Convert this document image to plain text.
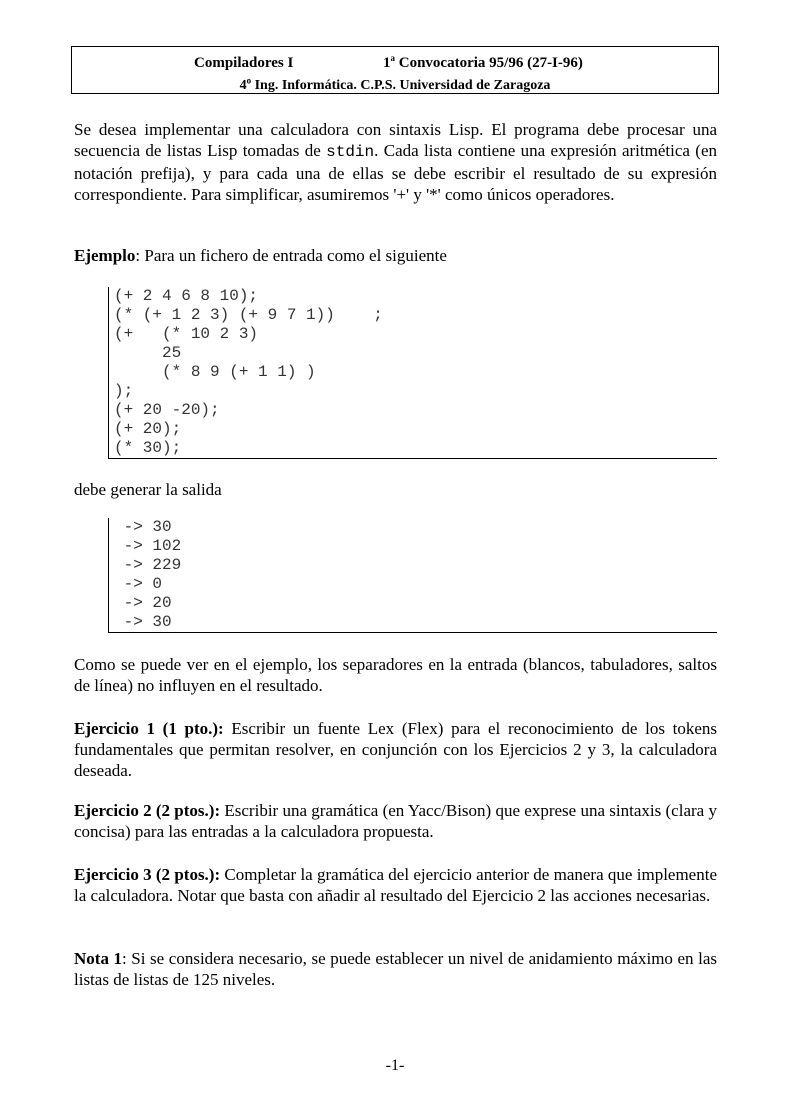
Compiladores I	1$^a$ Convocatoria 95/96 (27-I-96)
4$^o$ Ing. Informática. C.P.S. Universidad de Zaragoza

Se desea implementar una calculadora con sintaxis Lisp. El programa debe procesar una secuencia de listas Lisp tomadas de stdin. Cada lista contiene una expresión aritmética (en notación prefija), y para cada una de ellas se debe escribir el resultado de su expresión correspondiente. Para simplificar, asumiremos '+' y '*' como únicos operadores.

Ejemplo: Para un fichero de entrada como el siguiente

(+ 2 4 6 8 10);
(* (+ 1 2 3) (+ 9 7 1))    ;
(+   (* 10 2 3)
25
(* 8 9 (+ 1 1) )
);
(+ 20 -20);
(+ 20);
(* 30);

debe generar la salida

-> 30
-> 102
-> 229
-> 0
-> 20
-> 30

Como se puede ver en el ejemplo, los separadores en la entrada (blancos, tabuladores, saltos de línea) no influyen en el resultado.

Ejercicio 1 (1 pto.): Escribir un fuente Lex (Flex) para el reconocimiento de los tokens fundamentales que permitan resolver, en conjunción con los Ejercicios 2 y 3, la calculadora deseada.

Ejercicio 2 (2 ptos.): Escribir una gramática (en Yacc/Bison) que exprese una sintaxis (clara y concisa) para las entradas a la calculadora propuesta.

Ejercicio 3 (2 ptos.): Completar la gramática del ejercicio anterior de manera que implemente la calculadora. Notar que basta con añadir al resultado del Ejercicio 2 las acciones necesarias.

Nota 1: Si se considera necesario, se puede establecer un nivel de anidamiento máximo en las listas de listas de 125 niveles.

-1-
